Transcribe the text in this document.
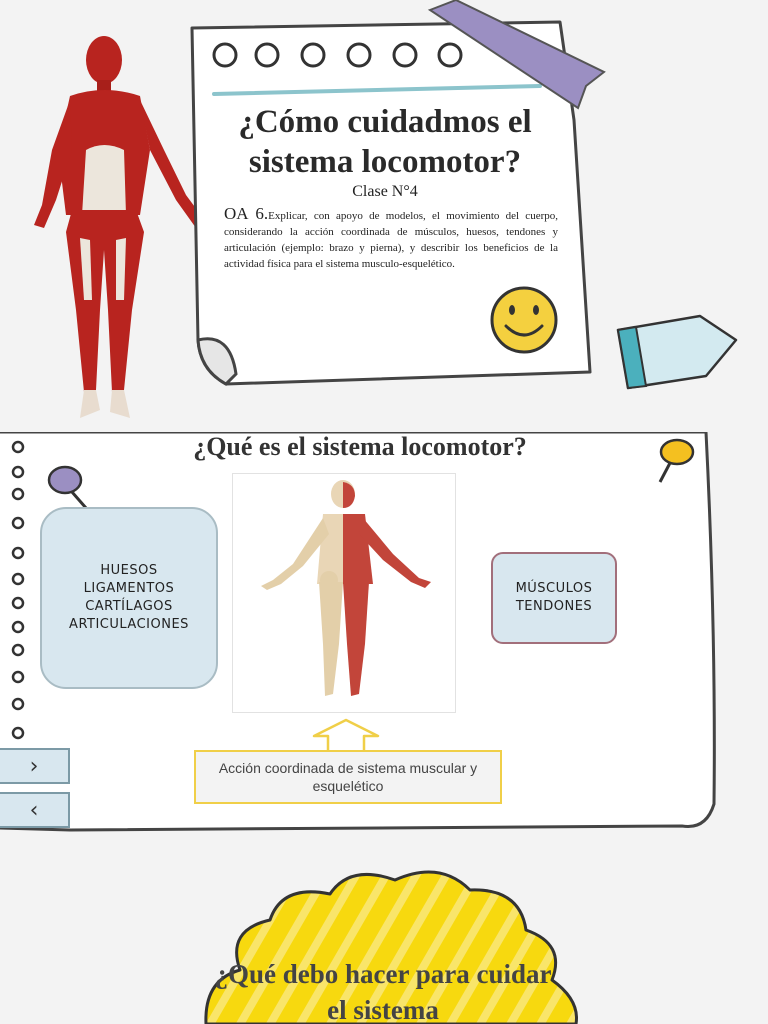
¿Cómo cuidadmos el sistema locomotor?
Clase N°4
OA 6.Explicar, con apoyo de modelos, el movimiento del cuerpo, considerando la acción coordinada de músculos, huesos, tendones y articulación (ejemplo: brazo y pierna), y describir los beneficios de la actividad física para el sistema musculo-esquelético.
¿Qué es el sistema locomotor?
HUESOS
LIGAMENTOS
CARTÍLAGOS
ARTICULACIONES
MÚSCULOS
TENDONES
Acción coordinada de sistema muscular y esquelético
›
‹
¿Qué debo hacer para cuidar el sistema
